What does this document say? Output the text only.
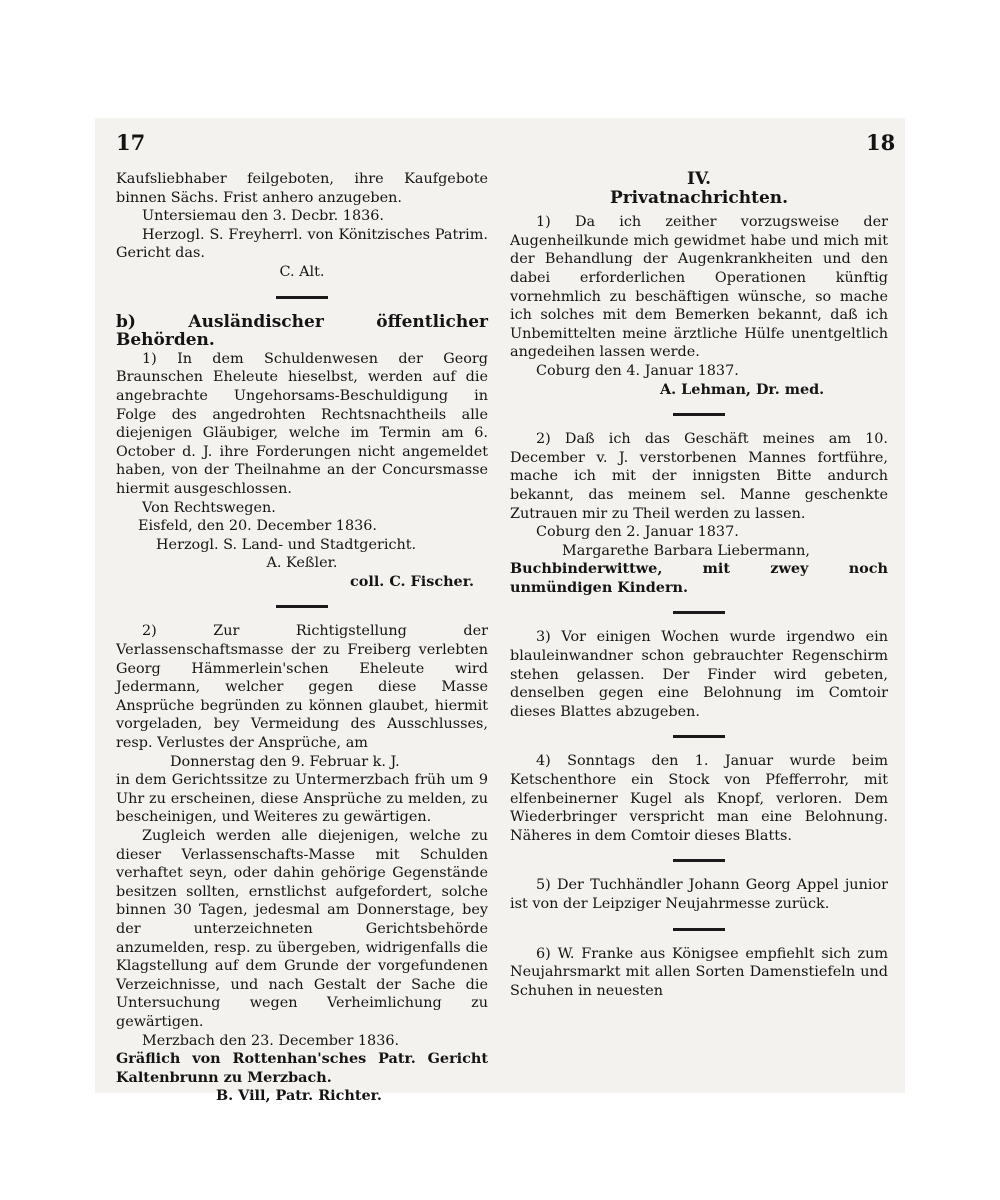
17	18

Kaufsliebhaber feilgeboten, ihre Kaufgebote binnen Sächs. Frist anhero anzugeben.

Untersiemau den 3. Decbr. 1836.

Herzogl. S. Freyherrl. von Könitzisches Patrim. Gericht das.

C. Alt.

b) Ausländischer öffentlicher Behörden.

1) In dem Schuldenwesen der Georg Braunschen Eheleute hieselbst, werden auf die angebrachte Ungehorsams-Beschuldigung in Folge des angedrohten Rechtsnachtheils alle diejenigen Gläubiger, welche im Termin am 6. October d. J. ihre Forderungen nicht angemeldet haben, von der Theilnahme an der Concursmasse hiermit ausgeschlossen.

Von Rechtswegen.

Eisfeld, den 20. December 1836.

Herzogl. S. Land- und Stadtgericht.

A. Keßler.

coll. C. Fischer.

2) Zur Richtigstellung der Verlassenschaftsmasse der zu Freiberg verlebten Georg Hämmerlein'schen Eheleute wird Jedermann, welcher gegen diese Masse Ansprüche begründen zu können glaubet, hiermit vorgeladen, bey Vermeidung des Ausschlusses, resp. Verlustes der Ansprüche, am

Donnerstag den 9. Februar k. J.

in dem Gerichtssitze zu Untermerzbach früh um 9 Uhr zu erscheinen, diese Ansprüche zu melden, zu bescheinigen, und Weiteres zu gewärtigen.

Zugleich werden alle diejenigen, welche zu dieser Verlassenschafts-Masse mit Schulden verhaftet seyn, oder dahin gehörige Gegenstände besitzen sollten, ernstlichst aufgefordert, solche binnen 30 Tagen, jedesmal am Donnerstage, bey der unterzeichneten Gerichtsbehörde anzumelden, resp. zu übergeben, widrigenfalls die Klagstellung auf dem Grunde der vorgefundenen Verzeichnisse, und nach Gestalt der Sache die Untersuchung wegen Verheimlichung zu gewärtigen.

Merzbach den 23. December 1836.

Gräflich von Rottenhan'sches Patr. Gericht Kaltenbrunn zu Merzbach.

B. Vill, Patr. Richter.

IV.

Privatnachrichten.

1) Da ich zeither vorzugsweise der Augenheilkunde mich gewidmet habe und mich mit der Behandlung der Augenkrankheiten und den dabei erforderlichen Operationen künftig vornehmlich zu beschäftigen wünsche, so mache ich solches mit dem Bemerken bekannt, daß ich Unbemittelten meine ärztliche Hülfe unentgeltlich angedeihen lassen werde.

Coburg den 4. Januar 1837.

A. Lehman, Dr. med.

2) Daß ich das Geschäft meines am 10. December v. J. verstorbenen Mannes fortführe, mache ich mit der innigsten Bitte andurch bekannt, das meinem sel. Manne geschenkte Zutrauen mir zu Theil werden zu lassen.

Coburg den 2. Januar 1837.

Margarethe Barbara Liebermann,

Buchbinderwittwe, mit zwey noch unmündigen Kindern.

3) Vor einigen Wochen wurde irgendwo ein blauleinwandner schon gebrauchter Regenschirm stehen gelassen. Der Finder wird gebeten, denselben gegen eine Belohnung im Comtoir dieses Blattes abzugeben.

4) Sonntags den 1. Januar wurde beim Ketschenthore ein Stock von Pfefferrohr, mit elfenbeinerner Kugel als Knopf, verloren. Dem Wiederbringer verspricht man eine Belohnung. Näheres in dem Comtoir dieses Blatts.

5) Der Tuchhändler Johann Georg Appel junior ist von der Leipziger Neujahrmesse zurück.

6) W. Franke aus Königsee empfiehlt sich zum Neujahrsmarkt mit allen Sorten Damenstiefeln und Schuhen in neuesten
